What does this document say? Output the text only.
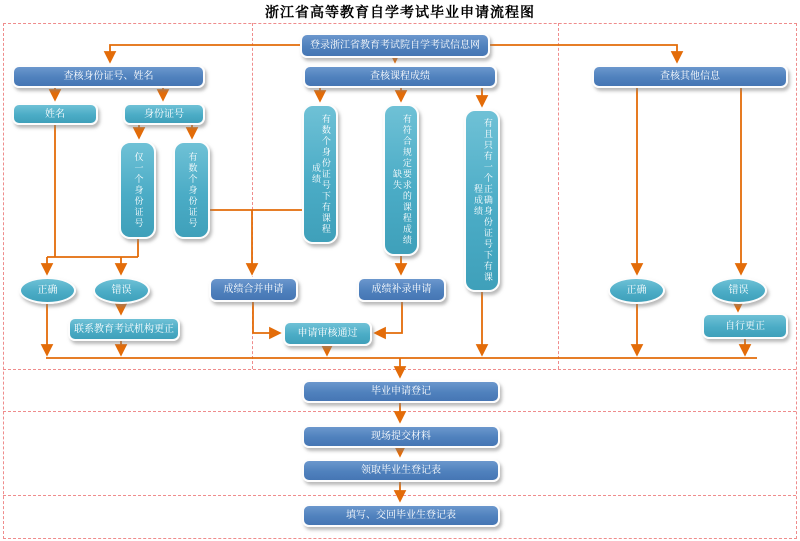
浙江省高等教育自学考试毕业申请流程图
登录浙江省教育考试院自学考试信息网
查核身份证号、姓名	查核课程成绩	查核其他信息
姓名	身份证号
仅一个身份证号	有数个身份证号	有数个身份证号下有课程成绩	有符合规定要求的课程成绩缺失	有且只有一个正确身份证号下有课程成绩
正确	错误
联系教育考试机构更正
成绩合并申请	成绩补录申请
申请审核通过
正确	错误
自行更正
毕业申请登记
现场提交材料
领取毕业生登记表
填写、交回毕业生登记表
